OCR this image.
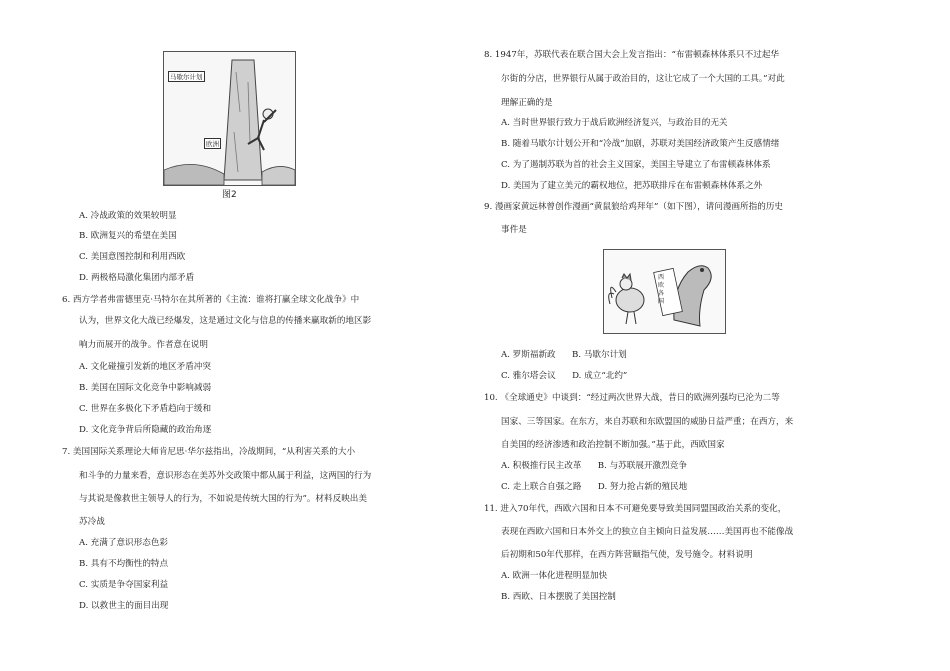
马歇尔计划
欧洲
图2
西欧各国
A. 冷战政策的效果较明显
B. 欧洲复兴的希望在美国
C. 美国意图控制和利用西欧
D. 两极格局激化集团内部矛盾
6. 西方学者弗雷德里克·马特尔在其所著的《主流：谁将打赢全球文化战争》中
认为，世界文化大战已经爆发，这是通过文化与信息的传播来赢取新的地区影
响力而展开的战争。作者意在说明
A. 文化碰撞引发新的地区矛盾冲突
B. 美国在国际文化竞争中影响减弱
C. 世界在多极化下矛盾趋向于缓和
D. 文化竞争背后所隐藏的政治角逐
7. 美国国际关系理论大师肯尼思·华尔兹指出，冷战期间，“从利害关系的大小
和斗争的力量来看，意识形态在美苏外交政策中都从属于利益，这两国的行为
与其说是像救世主领导人的行为，不如说是传统大国的行为”。材料反映出美
苏冷战
A. 充满了意识形态色彩
B. 具有不均衡性的特点
C. 实质是争夺国家利益
D. 以救世主的面目出现
8. 1947年，苏联代表在联合国大会上发言指出：“布雷顿森林体系只不过起华
尔街的分店，世界银行从属于政治目的，这让它成了一个大国的工具。”对此
理解正确的是
A. 当时世界银行致力于战后欧洲经济复兴，与政治目的无关
B. 随着马歇尔计划公开和“冷战”加剧，苏联对美国经济政策产生反感情绪
C. 为了遏制苏联为首的社会主义国家，美国主导建立了布雷顿森林体系
D. 美国为了建立美元的霸权地位，把苏联排斥在布雷顿森林体系之外
9. 漫画家黄远林曾创作漫画“黄鼠狼给鸡拜年”（如下图），请问漫画所指的历史
事件是
A. 罗斯福新政      B. 马歇尔计划
C. 雅尔塔会议      D. 成立“北约”
10. 《全球通史》中谈到：“经过两次世界大战，昔日的欧洲列强均已沦为二等
国家、三等国家。在东方，来自苏联和东欧盟国的威胁日益严重；在西方，来
自美国的经济渗透和政治控制不断加强。”基于此，西欧国家
A. 积极推行民主改革      B. 与苏联展开激烈竞争
C. 走上联合自强之路      D. 努力抢占新的殖民地
11. 进入70年代，西欧六国和日本不可避免要导致美国同盟国政治关系的变化，
表现在西欧六国和日本外交上的独立自主倾向日益发展……美国再也不能像战
后初期和50年代那样，在西方阵营颐指气使，发号施令。材料说明
A. 欧洲一体化进程明显加快
B. 西欧、日本摆脱了美国控制
